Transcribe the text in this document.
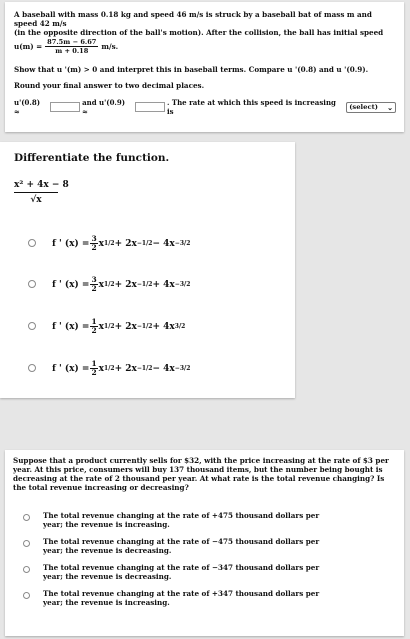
A baseball with mass 0.18 kg and speed 46 m/s is struck by a baseball bat of mass m and speed 42 m/s

(in the opposite direction of the ball's motion). After the collision, the ball has initial speed

$u(m) = \frac{87.5m - 6.67}{m + 0.18} m/s$.

Show that u '(m) > 0 and interpret this in baseball terms. Compare u '(0.8) and u '(0.9).

Round your final answer to two decimal places.

u'(0.8) ≈
and u'(0.9) ≈
. The rate at which this speed is increasing is	(select) ⌄
Differentiate the function.
$\frac{\text{x² + 4x − 8}}{√x}$
f ' $(x) = \frac{3}{2}$ x 1/2 + 2x −1/2 − 4x −3/2
f ' $(x) = \frac{3}{2}$ x 1/2 + 2x −1/2 + 4x −3/2
f ' $(x) = \frac{1}{2}$ x 1/2 + 2x −1/2 + 4x 3/2
f ' $(x) = \frac{1}{2}$ x 1/2 + 2x −1/2 − 4x −3/2

Suppose that a product currently sells for $32, with the price increasing at the rate of $3 per year. At this price, consumers will buy 137 thousand items, but the number being bought is decreasing at the rate of 2 thousand per year. At what rate is the total revenue changing? Is the total revenue increasing or decreasing?

The total revenue changing at the rate of +475 thousand dollars per year; the revenue is increasing.
The total revenue changing at the rate of −475 thousand dollars per year; the revenue is decreasing.
The total revenue changing at the rate of −347 thousand dollars per year; the revenue is decreasing.
The total revenue changing at the rate of +347 thousand dollars per year; the revenue is increasing.
